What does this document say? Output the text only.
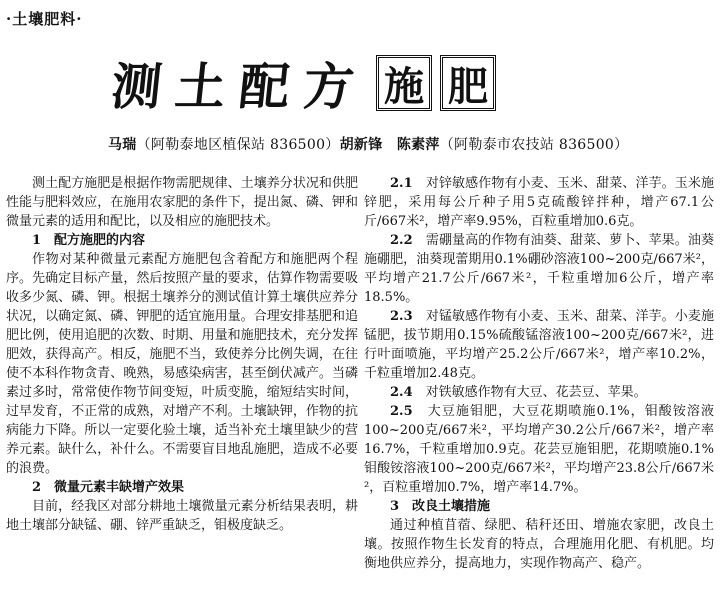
·土壤肥料·
测土配方 施 肥
马瑞（阿勒泰地区植保站 836500）胡新锋　 陈素萍（阿勒泰市农技站 836500）

测土配方施肥是根据作物需肥规律、土壤养分状况和供肥性能与肥料效应，在施用农家肥的条件下，提出氮、磷、钾和微量元素的适用和配比，以及相应的施肥技术。

1　配方施肥的内容

作物对某种微量元素配方施肥包含着配方和施肥两个程序。先确定目标产量，然后按照产量的要求，估算作物需要吸收多少氮、磷、钾。根据土壤养分的测试值计算土壤供应养分状况，以确定氮、磷、钾肥的适宜施用量。合理安排基肥和追肥比例，使用追肥的次数、时期、用量和施肥技术，充分发挥肥效，获得高产。相反，施肥不当，致使养分比例失调，在往使不本科作物贪青、晚熟，易感染病害，甚至倒伏减产。当磷素过多时，常常使作物节间变短，叶质变脆，缩短结实时间，过早发育，不正常的成熟，对增产不利。土壤缺钾，作物的抗病能力下降。所以一定要化验土壤，适当补充土壤里缺少的营养元素。缺什么，补什么。不需要盲目地乱施肥，造成不必要的浪费。

2　微量元素丰缺增产效果

目前，经我区对部分耕地土壤微量元素分析结果表明，耕地土壤部分缺锰、硼、锌严重缺乏，钼极度缺乏。

2.1　 对锌敏感作物有小麦、玉米、甜菜、洋芋。玉米施锌肥，采用每公斤种子用5克硫酸锌拌种，增产67.1公斤/667米²，增产率9.95%，百粒重增加0.6克。

2.2　 需硼量高的作物有油葵、甜菜、萝卜、苹果。油葵施硼肥，油葵现蕾期用0.1%硼砂溶液100~200克/667米²，平均增产21.7公斤/667米²，千粒重增加6公斤，增产率18.5%。

2.3　 对锰敏感作物有小麦、玉米、甜菜、洋芋。小麦施锰肥，拔节期用0.15%硫酸锰溶液100~200克/667米²，进行叶面喷施，平均增产25.2公斤/667米²，增产率10.2%，千粒重增加2.48克。

2.4　 对铁敏感作物有大豆、花芸豆、苹果。

2.5　 大豆施钼肥，大豆花期喷施0.1%，钼酸铵溶液100~200克/667米²，平均增产30.2公斤/667米²，增产率16.7%，千粒重增加0.9克。花芸豆施钼肥，花期喷施0.1%钼酸铵溶液100~200克/667米²，平均增产23.8公斤/667米²，百粒重增加0.7%，增产率14.7%。

3　改良土壤措施

通过种植苜蓿、绿肥、秸秆还田、增施农家肥，改良土壤。按照作物生长发育的特点，合理施用化肥、有机肥。均衡地供应养分，提高地力，实现作物高产、稳产。
